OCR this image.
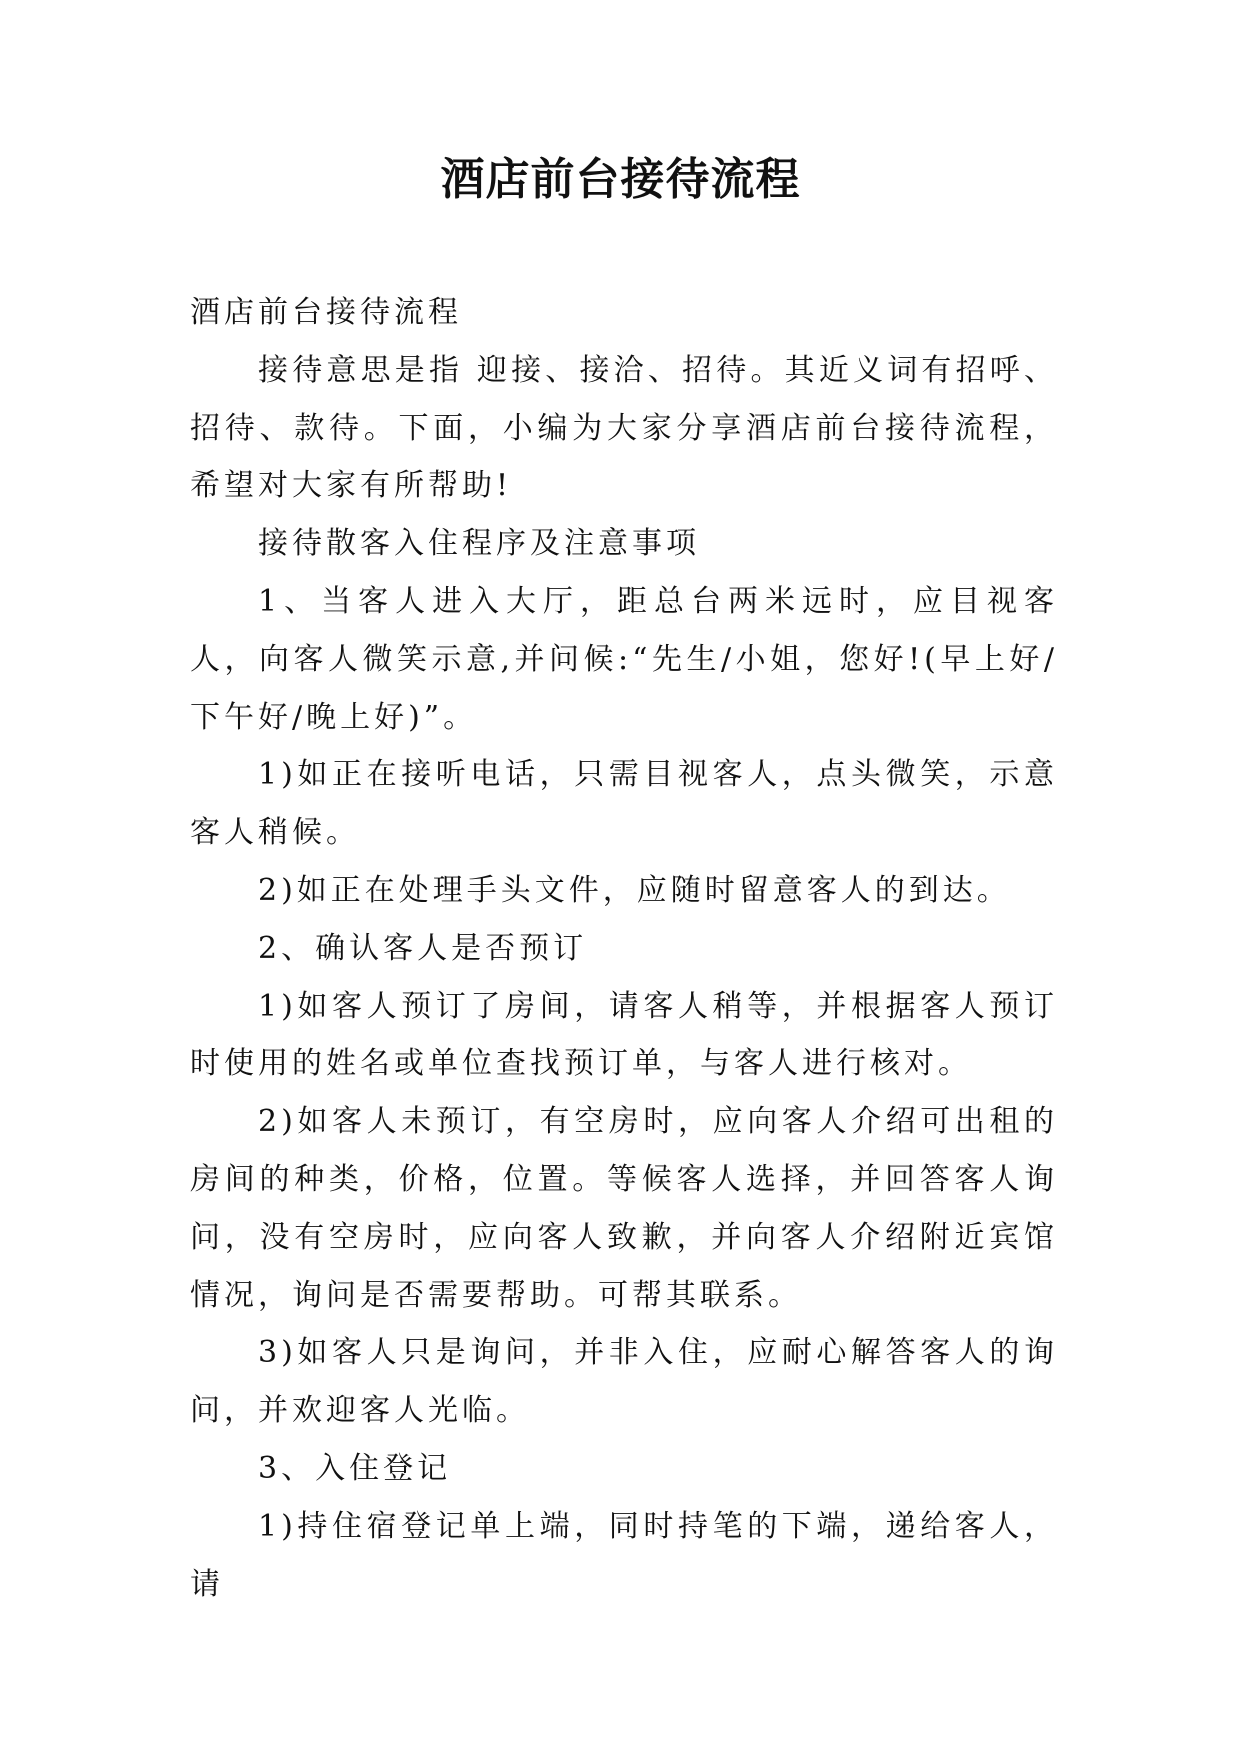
酒店前台接待流程

酒店前台接待流程

接待意思是指 迎接、接洽、招待。其近义词有招呼、招待、款待。下面，小编为大家分享酒店前台接待流程，希望对大家有所帮助!

接待散客入住程序及注意事项

1、当客人进入大厅，距总台两米远时，应目视客人，向客人微笑示意,并问候:“先生/小姐，您好!(早上好/下午好/晚上好)”。

1)如正在接听电话，只需目视客人，点头微笑，示意客人稍候。

2)如正在处理手头文件，应随时留意客人的到达。

2、确认客人是否预订

1)如客人预订了房间，请客人稍等，并根据客人预订时使用的姓名或单位查找预订单，与客人进行核对。

2)如客人未预订，有空房时，应向客人介绍可出租的房间的种类，价格，位置。等候客人选择，并回答客人询问，没有空房时，应向客人致歉，并向客人介绍附近宾馆情况，询问是否需要帮助。可帮其联系。

3)如客人只是询问，并非入住，应耐心解答客人的询问，并欢迎客人光临。

3、入住登记

1)持住宿登记单上端，同时持笔的下端，递给客人，请
